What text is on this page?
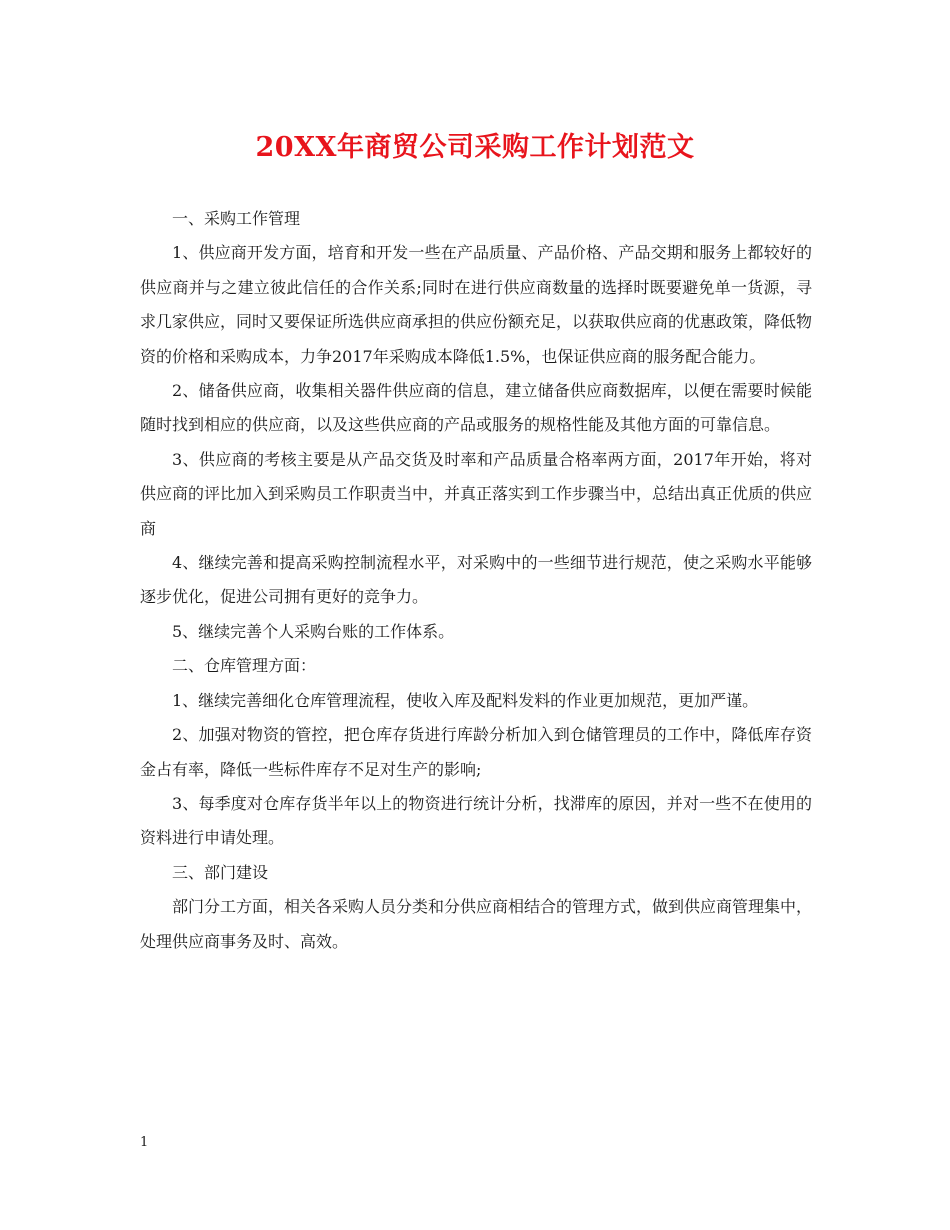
20XX年商贸公司采购工作计划范文

一、采购工作管理

1、供应商开发方面，培育和开发一些在产品质量、产品价格、产品交期和服务上都较好的供应商并与之建立彼此信任的合作关系;同时在进行供应商数量的选择时既要避免单一货源，寻求几家供应，同时又要保证所选供应商承担的供应份额充足，以获取供应商的优惠政策，降低物资的价格和采购成本，力争2017年采购成本降低1.5%，也保证供应商的服务配合能力。

2、储备供应商，收集相关器件供应商的信息，建立储备供应商数据库，以便在需要时候能随时找到相应的供应商，以及这些供应商的产品或服务的规格性能及其他方面的可靠信息。

3、供应商的考核主要是从产品交货及时率和产品质量合格率两方面，2017年开始，将对供应商的评比加入到采购员工作职责当中，并真正落实到工作步骤当中，总结出真正优质的供应商

4、继续完善和提高采购控制流程水平，对采购中的一些细节进行规范，使之采购水平能够逐步优化，促进公司拥有更好的竞争力。

5、继续完善个人采购台账的工作体系。

二、仓库管理方面：

1、继续完善细化仓库管理流程，使收入库及配料发料的作业更加规范，更加严谨。

2、加强对物资的管控，把仓库存货进行库龄分析加入到仓储管理员的工作中，降低库存资金占有率，降低一些标件库存不足对生产的影响;

3、每季度对仓库存货半年以上的物资进行统计分析，找滞库的原因，并对一些不在使用的资料进行申请处理。

三、部门建设

部门分工方面，相关各采购人员分类和分供应商相结合的管理方式，做到供应商管理集中，处理供应商事务及时、高效。

1
